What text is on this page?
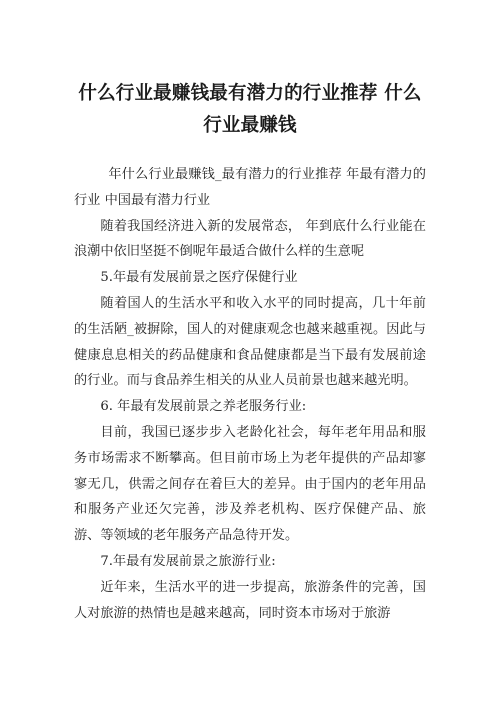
什么行业最赚钱最有潜力的行业推荐 什么行业最赚钱

年什么行业最赚钱_最有潜力的行业推荐 年最有潜力的行业 中国最有潜力行业

随着我国经济进入新的发展常态， 年到底什么行业能在浪潮中依旧坚挺不倒呢年最适合做什么样的生意呢

5.年最有发展前景之医疗保健行业

随着国人的生活水平和收入水平的同时提高，几十年前的生活陋_被摒除，国人的对健康观念也越来越重视。因此与健康息息相关的药品健康和食品健康都是当下最有发展前途的行业。而与食品养生相关的从业人员前景也越来越光明。

6. 年最有发展前景之养老服务行业:

目前，我国已逐步步入老龄化社会，每年老年用品和服务市场需求不断攀高。但目前市场上为老年提供的产品却寥寥无几，供需之间存在着巨大的差异。由于国内的老年用品和服务产业还欠完善，涉及养老机构、医疗保健产品、旅游、等领域的老年服务产品急待开发。

7.年最有发展前景之旅游行业:

近年来，生活水平的进一步提高，旅游条件的完善，国人对旅游的热情也是越来越高，同时资本市场对于旅游
